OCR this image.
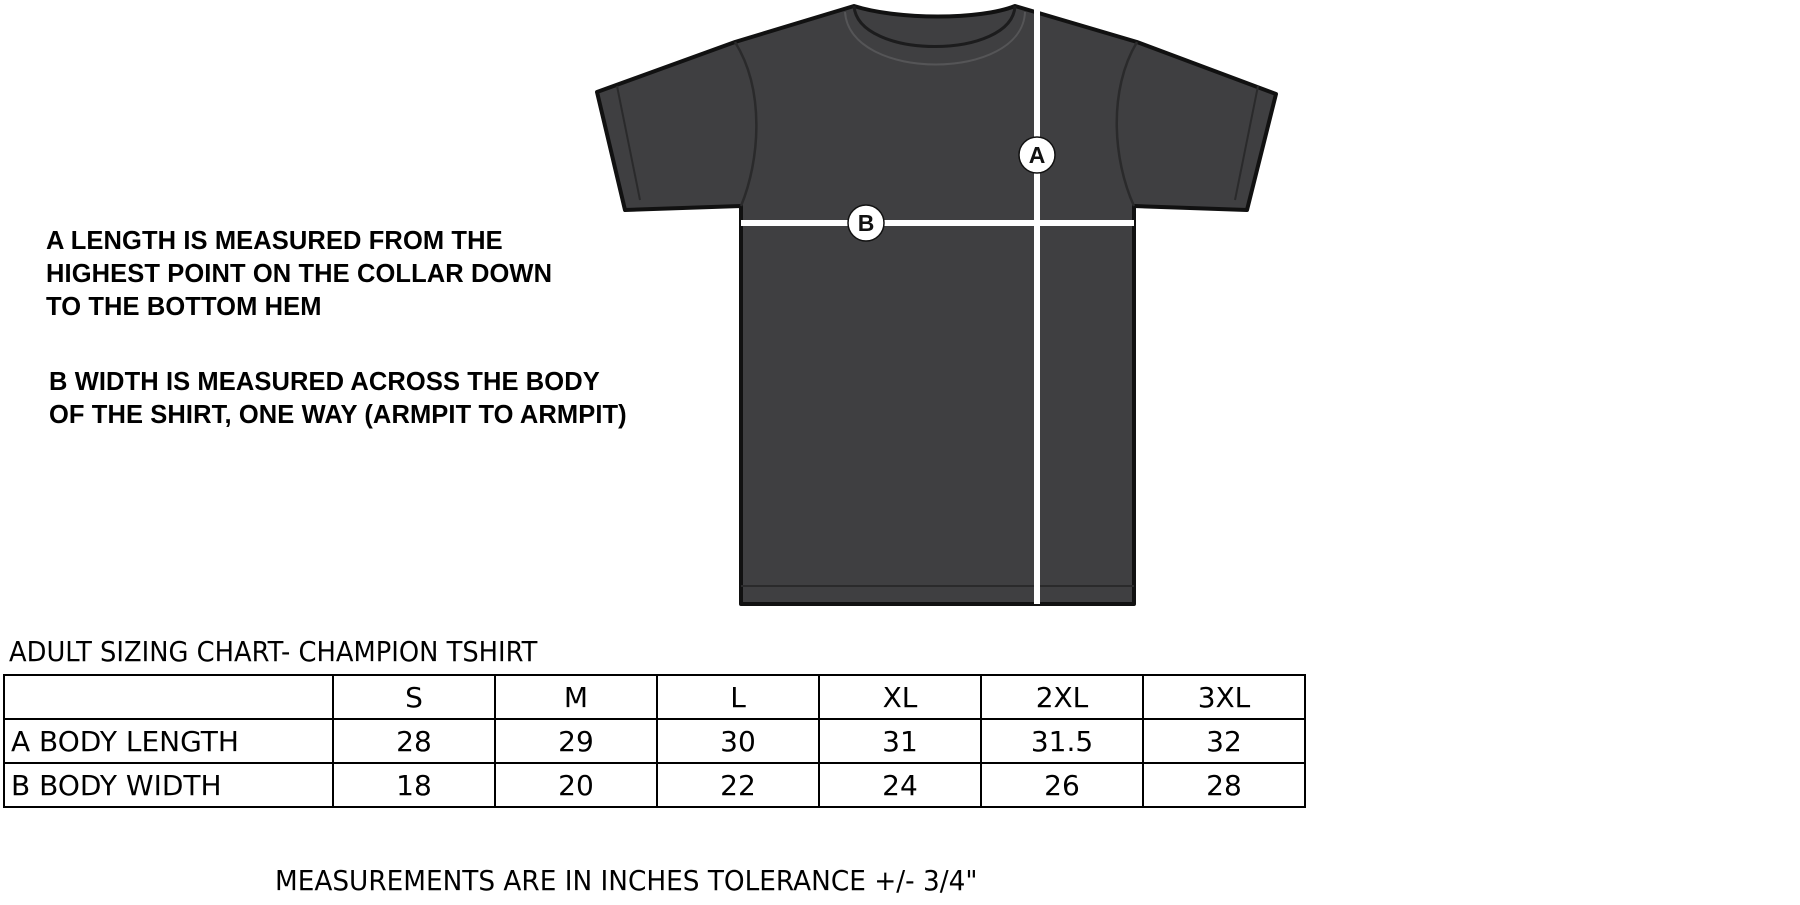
A LENGTH IS MEASURED FROM THE
HIGHEST POINT ON THE COLLAR DOWN
TO THE BOTTOM HEM
B WIDTH IS MEASURED ACROSS THE BODY
OF THE SHIRT, ONE WAY (ARMPIT TO ARMPIT)
A
B
ADULT SIZING CHART- CHAMPION TSHIRT
	S	M	L	XL	2XL	3XL
A BODY LENGTH	28	29	30	31	31.5	32
B BODY WIDTH	18	20	22	24	26	28
MEASUREMENTS ARE IN INCHES TOLERANCE +/- 3/4"
